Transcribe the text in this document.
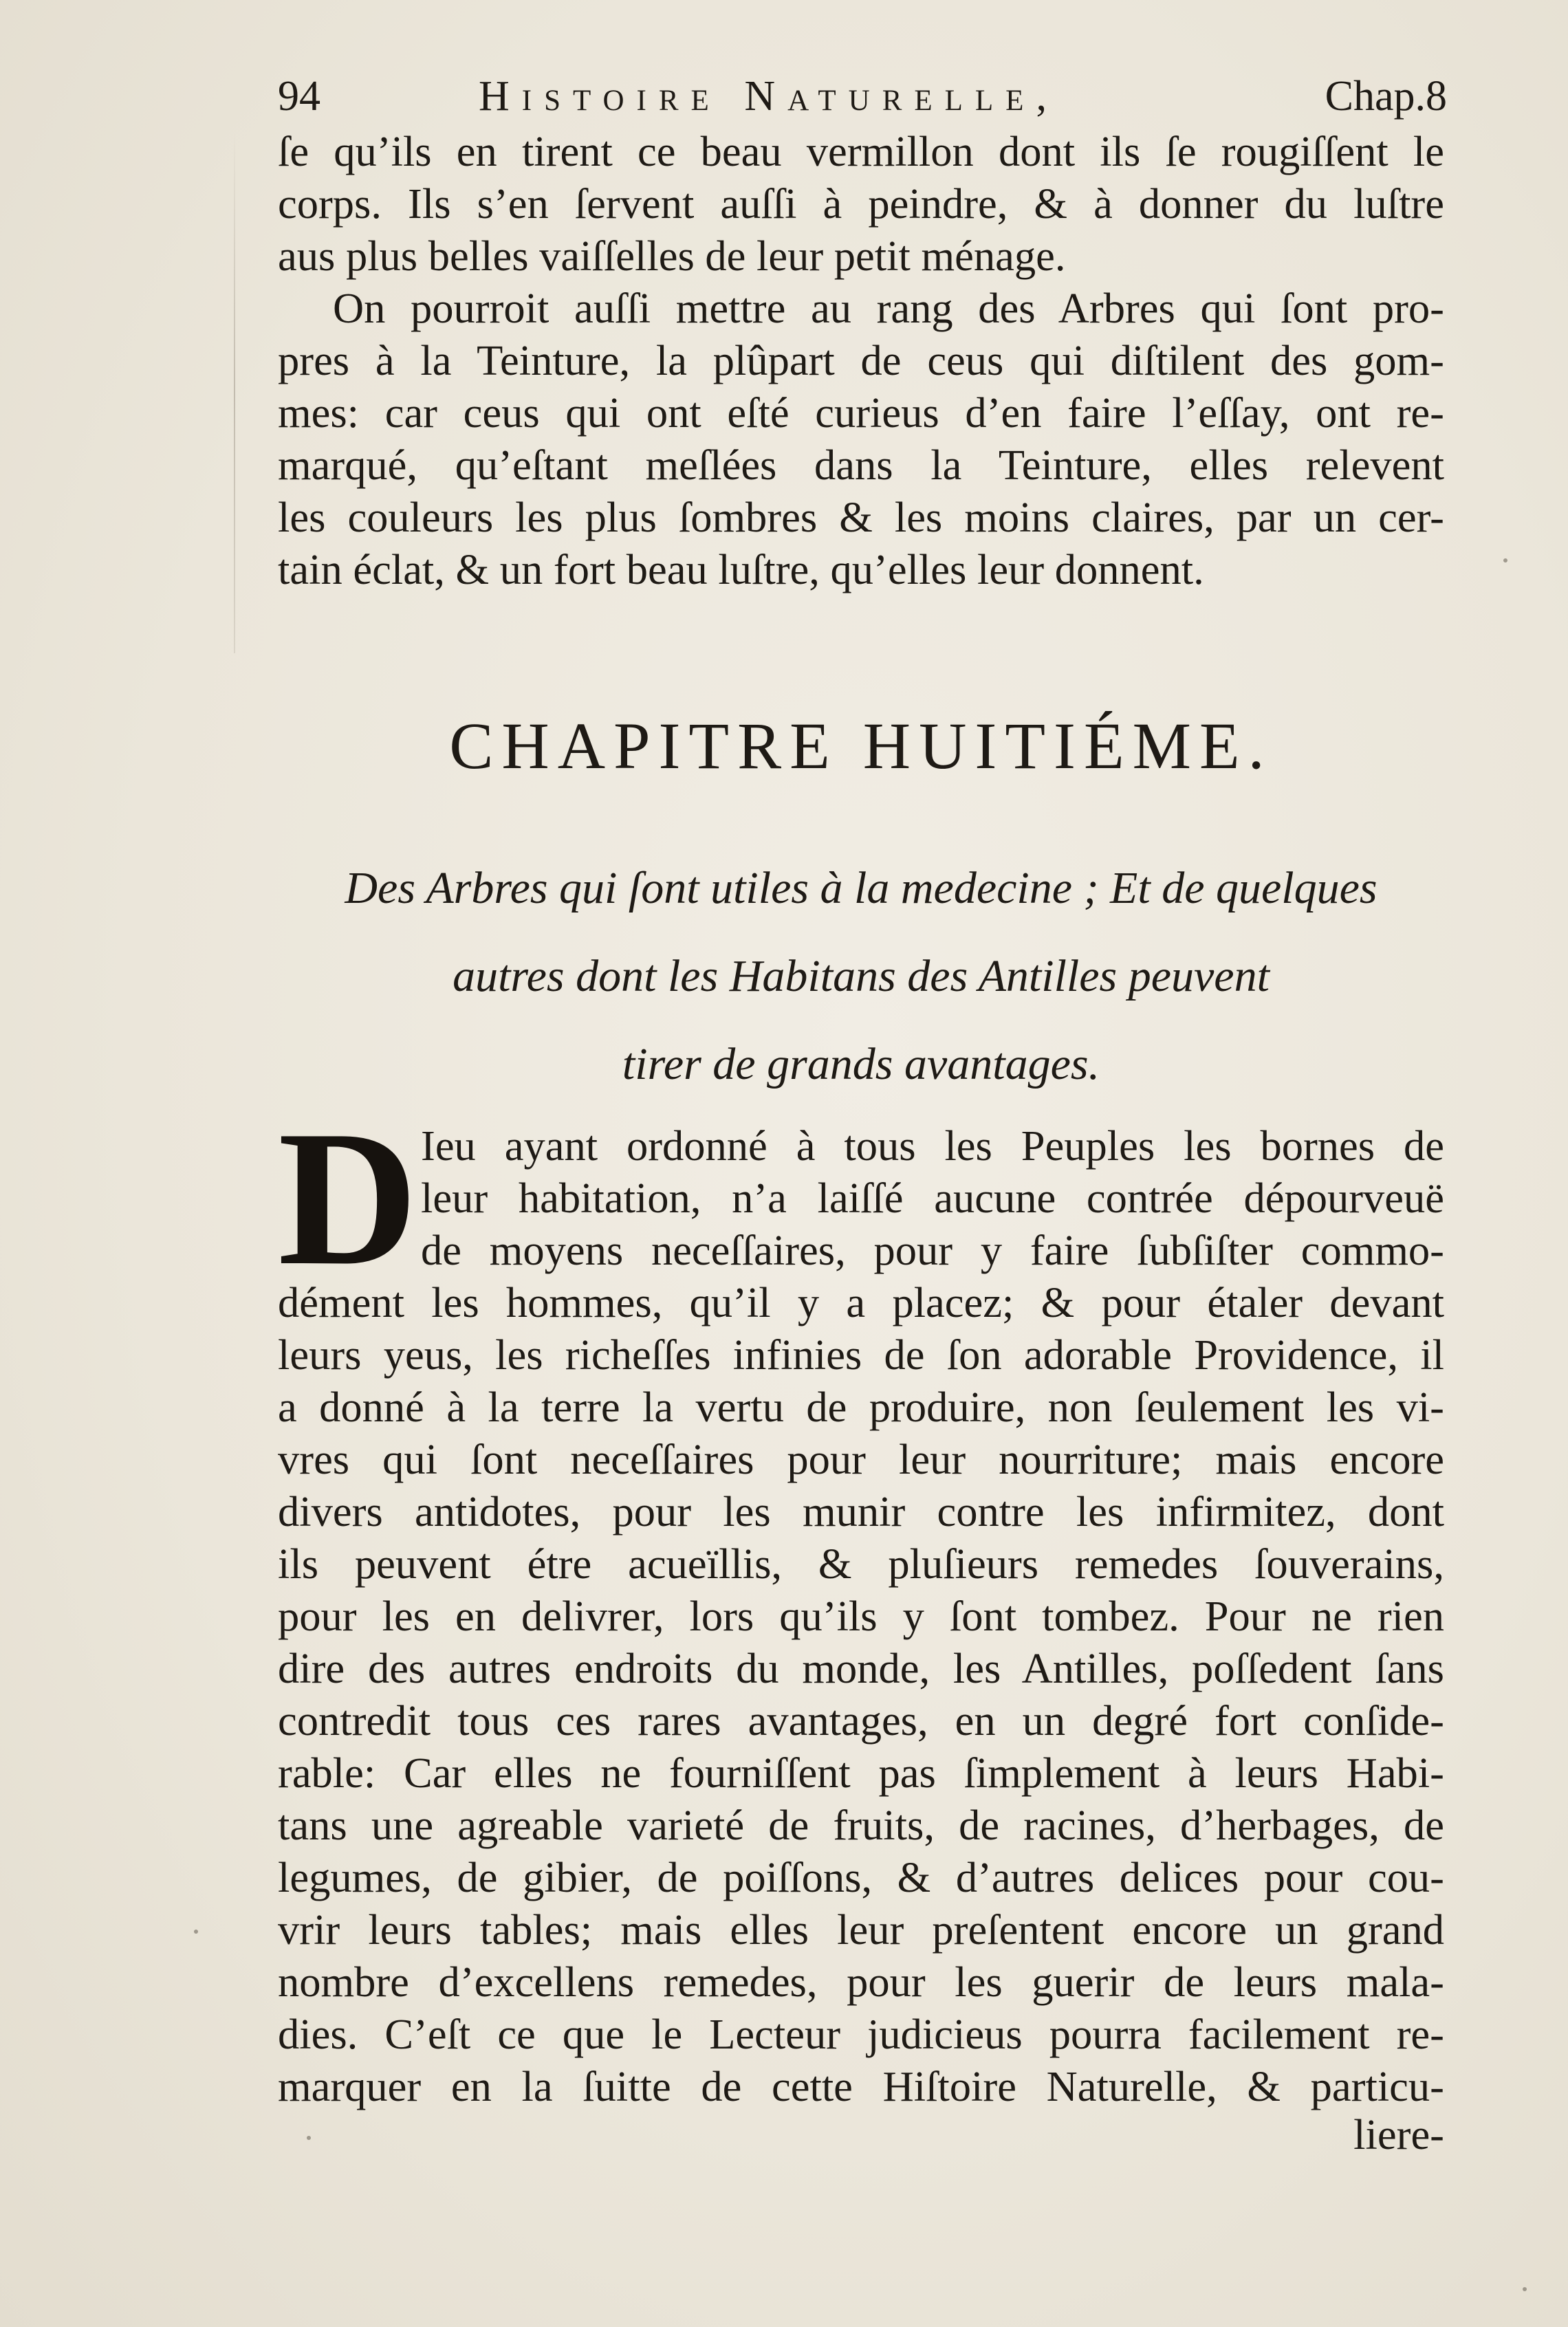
94	Histoire Naturelle,	Chap.8
ſe qu’ils en tirent ce beau vermillon dont ils ſe rougiſſent le
corps. Ils s’en ſervent auſſi à peindre, & à donner du luſtre
aus plus belles vaiſſelles de leur petit ménage.
On pourroit auſſi mettre au rang des Arbres qui ſont pro-
pres à la Teinture, la plûpart de ceus qui diſtilent des gom-
mes: car ceus qui ont eſté curieus d’en faire l’eſſay, ont re-
marqué, qu’eſtant meſlées dans la Teinture, elles relevent
les couleurs les plus ſombres & les moins claires, par un cer-
tain éclat, & un fort beau luſtre, qu’elles leur donnent.
CHAPITRE HUITIÉME.
Des Arbres qui ſont utiles à la medecine ; Et de quelques
autres dont les Habitans des Antilles peuvent
tirer de grands avantages.
D Ieu ayant ordonné à tous les Peuples les bornes de
leur habitation, n’a laiſſé aucune contrée dépourveuë
de moyens neceſſaires, pour y faire ſubſiſter commo-
dément les hommes, qu’il y a placez; & pour étaler devant
leurs yeus, les richeſſes infinies de ſon adorable Providence, il
a donné à la terre la vertu de produire, non ſeulement les vi-
vres qui ſont neceſſaires pour leur nourriture; mais encore
divers antidotes, pour les munir contre les infirmitez, dont
ils peuvent étre acueïllis, & pluſieurs remedes ſouverains,
pour les en delivrer, lors qu’ils y ſont tombez. Pour ne rien
dire des autres endroits du monde, les Antilles, poſſedent ſans
contredit tous ces rares avantages, en un degré fort conſide-
rable: Car elles ne fourniſſent pas ſimplement à leurs Habi-
tans une agreable varieté de fruits, de racines, d’herbages, de
legumes, de gibier, de poiſſons, & d’autres delices pour cou-
vrir leurs tables; mais elles leur preſentent encore un grand
nombre d’excellens remedes, pour les guerir de leurs mala-
dies. C’eſt ce que le Lecteur judicieus pourra facilement re-
marquer en la ſuitte de cette Hiſtoire Naturelle, & particu-
liere-
